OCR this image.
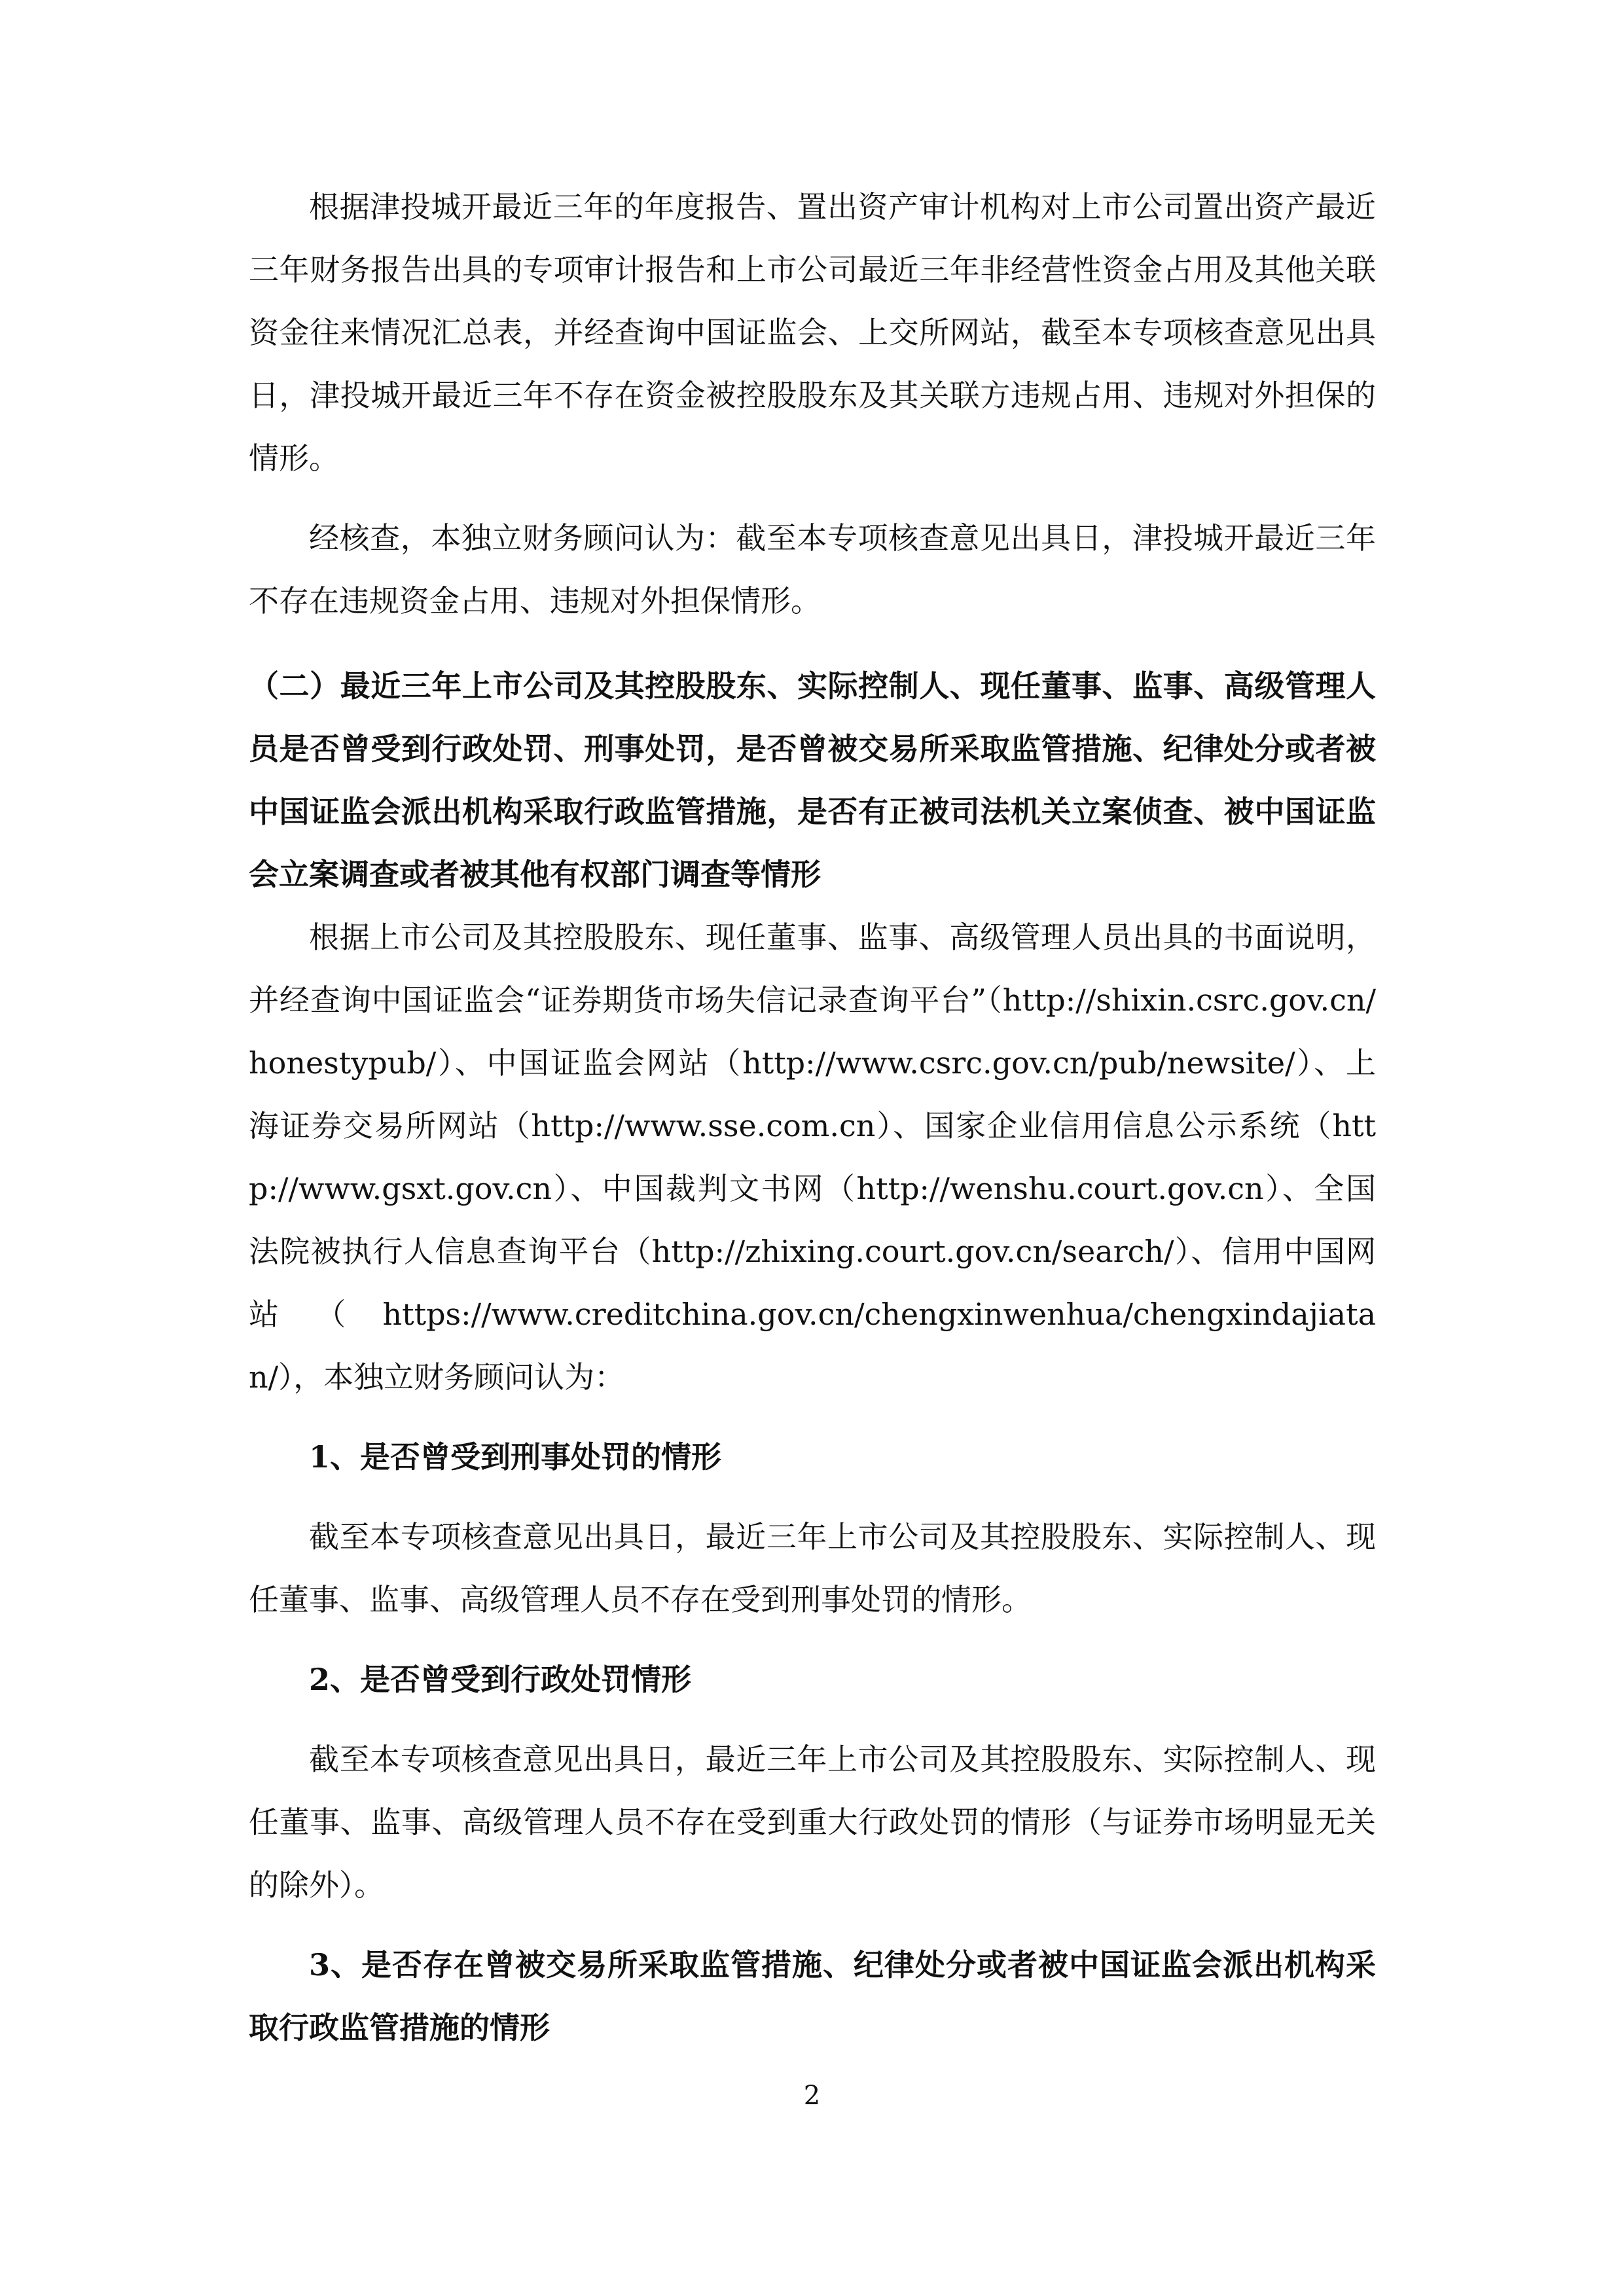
根据津投城开最近三年的年度报告、置出资产审计机构对上市公司置出资产最近三年财务报告出具的专项审计报告和上市公司最近三年非经营性资金占用及其他关联资金往来情况汇总表，并经查询中国证监会、上交所网站，截至本专项核查意见出具日，津投城开最近三年不存在资金被控股股东及其关联方违规占用、违规对外担保的情形。

经核查，本独立财务顾问认为：截至本专项核查意见出具日，津投城开最近三年不存在违规资金占用、违规对外担保情形。

（二）最近三年上市公司及其控股股东、实际控制人、现任董事、监事、高级管理人员是否曾受到行政处罚、刑事处罚，是否曾被交易所采取监管措施、纪律处分或者被中国证监会派出机构采取行政监管措施，是否有正被司法机关立案侦查、被中国证监会立案调查或者被其他有权部门调查等情形

根据上市公司及其控股股东、现任董事、监事、高级管理人员出具的书面说明，并经查询中国证监会“证券期货市场失信记录查询平台”（http://shixin.csrc.gov.cn/honestypub/）、中国证监会网站（http://www.csrc.gov.cn/pub/newsite/）、上海证券交易所网站（http://www.sse.com.cn）、国家企业信用信息公示系统（http://www.gsxt.gov.cn）、中国裁判文书网（http://wenshu.court.gov.cn）、全国法院被执行人信息查询平台（http://zhixing.court.gov.cn/search/）、信用中国网站（https://www.creditchina.gov.cn/chengxinwenhua/chengxindajiatan/），本独立财务顾问认为：

1、是否曾受到刑事处罚的情形

截至本专项核查意见出具日，最近三年上市公司及其控股股东、实际控制人、现任董事、监事、高级管理人员不存在受到刑事处罚的情形。

2、是否曾受到行政处罚情形

截至本专项核查意见出具日，最近三年上市公司及其控股股东、实际控制人、现任董事、监事、高级管理人员不存在受到重大行政处罚的情形（与证券市场明显无关的除外）。

3、是否存在曾被交易所采取监管措施、纪律处分或者被中国证监会派出机构采取行政监管措施的情形

2
